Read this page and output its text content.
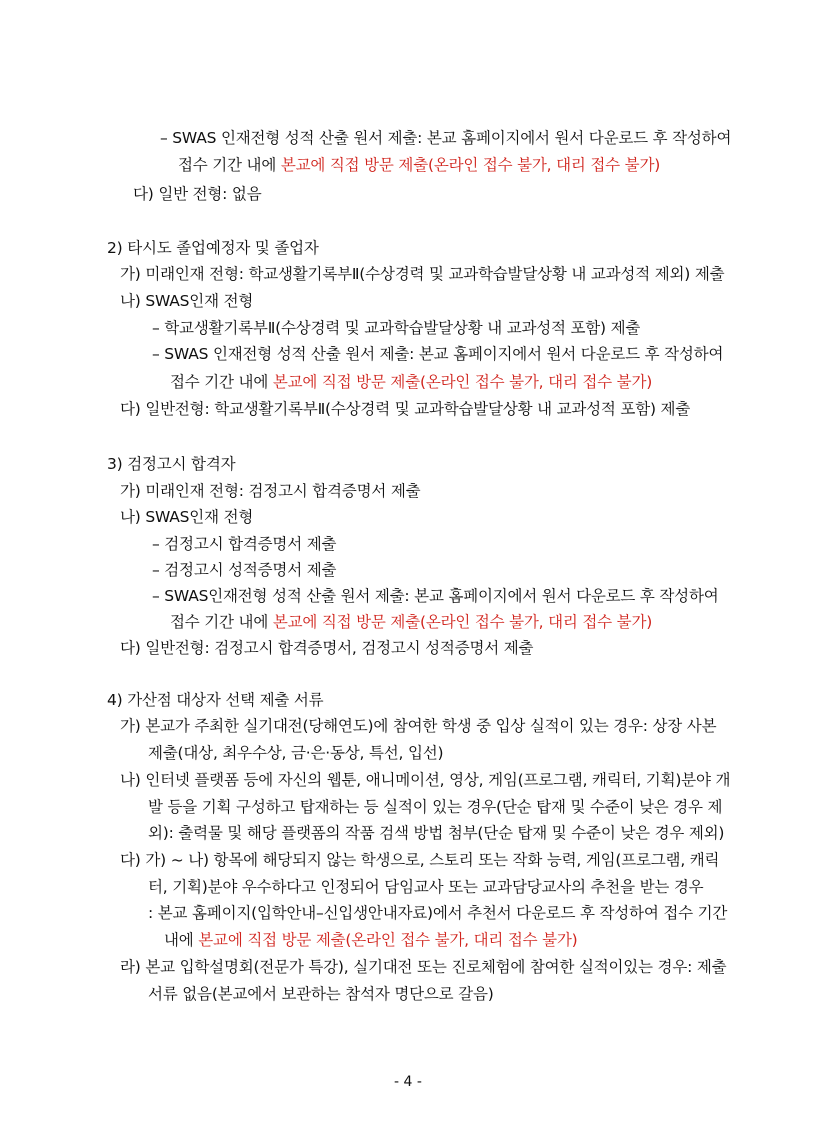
– SWAS 인재전형 성적 산출 원서 제출: 본교 홈페이지에서 원서 다운로드 후 작성하여
접수 기간 내에 본교에 직접 방문 제출(온라인 접수 불가, 대리 접수 불가)
다) 일반 전형: 없음
2) 타시도 졸업예정자 및 졸업자
가) 미래인재 전형: 학교생활기록부Ⅱ(수상경력 및 교과학습발달상황 내 교과성적 제외) 제출
나) SWAS인재 전형
– 학교생활기록부Ⅱ(수상경력 및 교과학습발달상황 내 교과성적 포함) 제출
– SWAS 인재전형 성적 산출 원서 제출: 본교 홈페이지에서 원서 다운로드 후 작성하여
접수 기간 내에 본교에 직접 방문 제출(온라인 접수 불가, 대리 접수 불가)
다) 일반전형: 학교생활기록부Ⅱ(수상경력 및 교과학습발달상황 내 교과성적 포함) 제출
3) 검정고시 합격자
가) 미래인재 전형: 검정고시 합격증명서 제출
나) SWAS인재 전형
– 검정고시 합격증명서 제출
– 검정고시 성적증명서 제출
– SWAS인재전형 성적 산출 원서 제출: 본교 홈페이지에서 원서 다운로드 후 작성하여
접수 기간 내에 본교에 직접 방문 제출(온라인 접수 불가, 대리 접수 불가)
다) 일반전형: 검정고시 합격증명서, 검정고시 성적증명서 제출
4) 가산점 대상자 선택 제출 서류
가) 본교가 주최한 실기대전(당해연도)에 참여한 학생 중 입상 실적이 있는 경우: 상장 사본
제출(대상, 최우수상, 금·은·동상, 특선, 입선)
나) 인터넷 플랫폼 등에 자신의 웹툰, 애니메이션, 영상, 게임(프로그램, 캐릭터, 기획)분야 개
발 등을 기획 구성하고 탑재하는 등 실적이 있는 경우(단순 탑재 및 수준이 낮은 경우 제
외): 출력물 및 해당 플랫폼의 작품 검색 방법 첨부(단순 탑재 및 수준이 낮은 경우 제외)
다) 가) ~ 나) 항목에 해당되지 않는 학생으로, 스토리 또는 작화 능력, 게임(프로그램, 캐릭
터, 기획)분야 우수하다고 인정되어 담임교사 또는 교과담당교사의 추천을 받는 경우
: 본교 홈페이지(입학안내–신입생안내자료)에서 추천서 다운로드 후 작성하여 접수 기간
내에 본교에 직접 방문 제출(온라인 접수 불가, 대리 접수 불가)
라) 본교 입학설명회(전문가 특강), 실기대전 또는 진로체험에 참여한 실적이있는 경우: 제출
서류 없음(본교에서 보관하는 참석자 명단으로 갈음)
- 4 -
